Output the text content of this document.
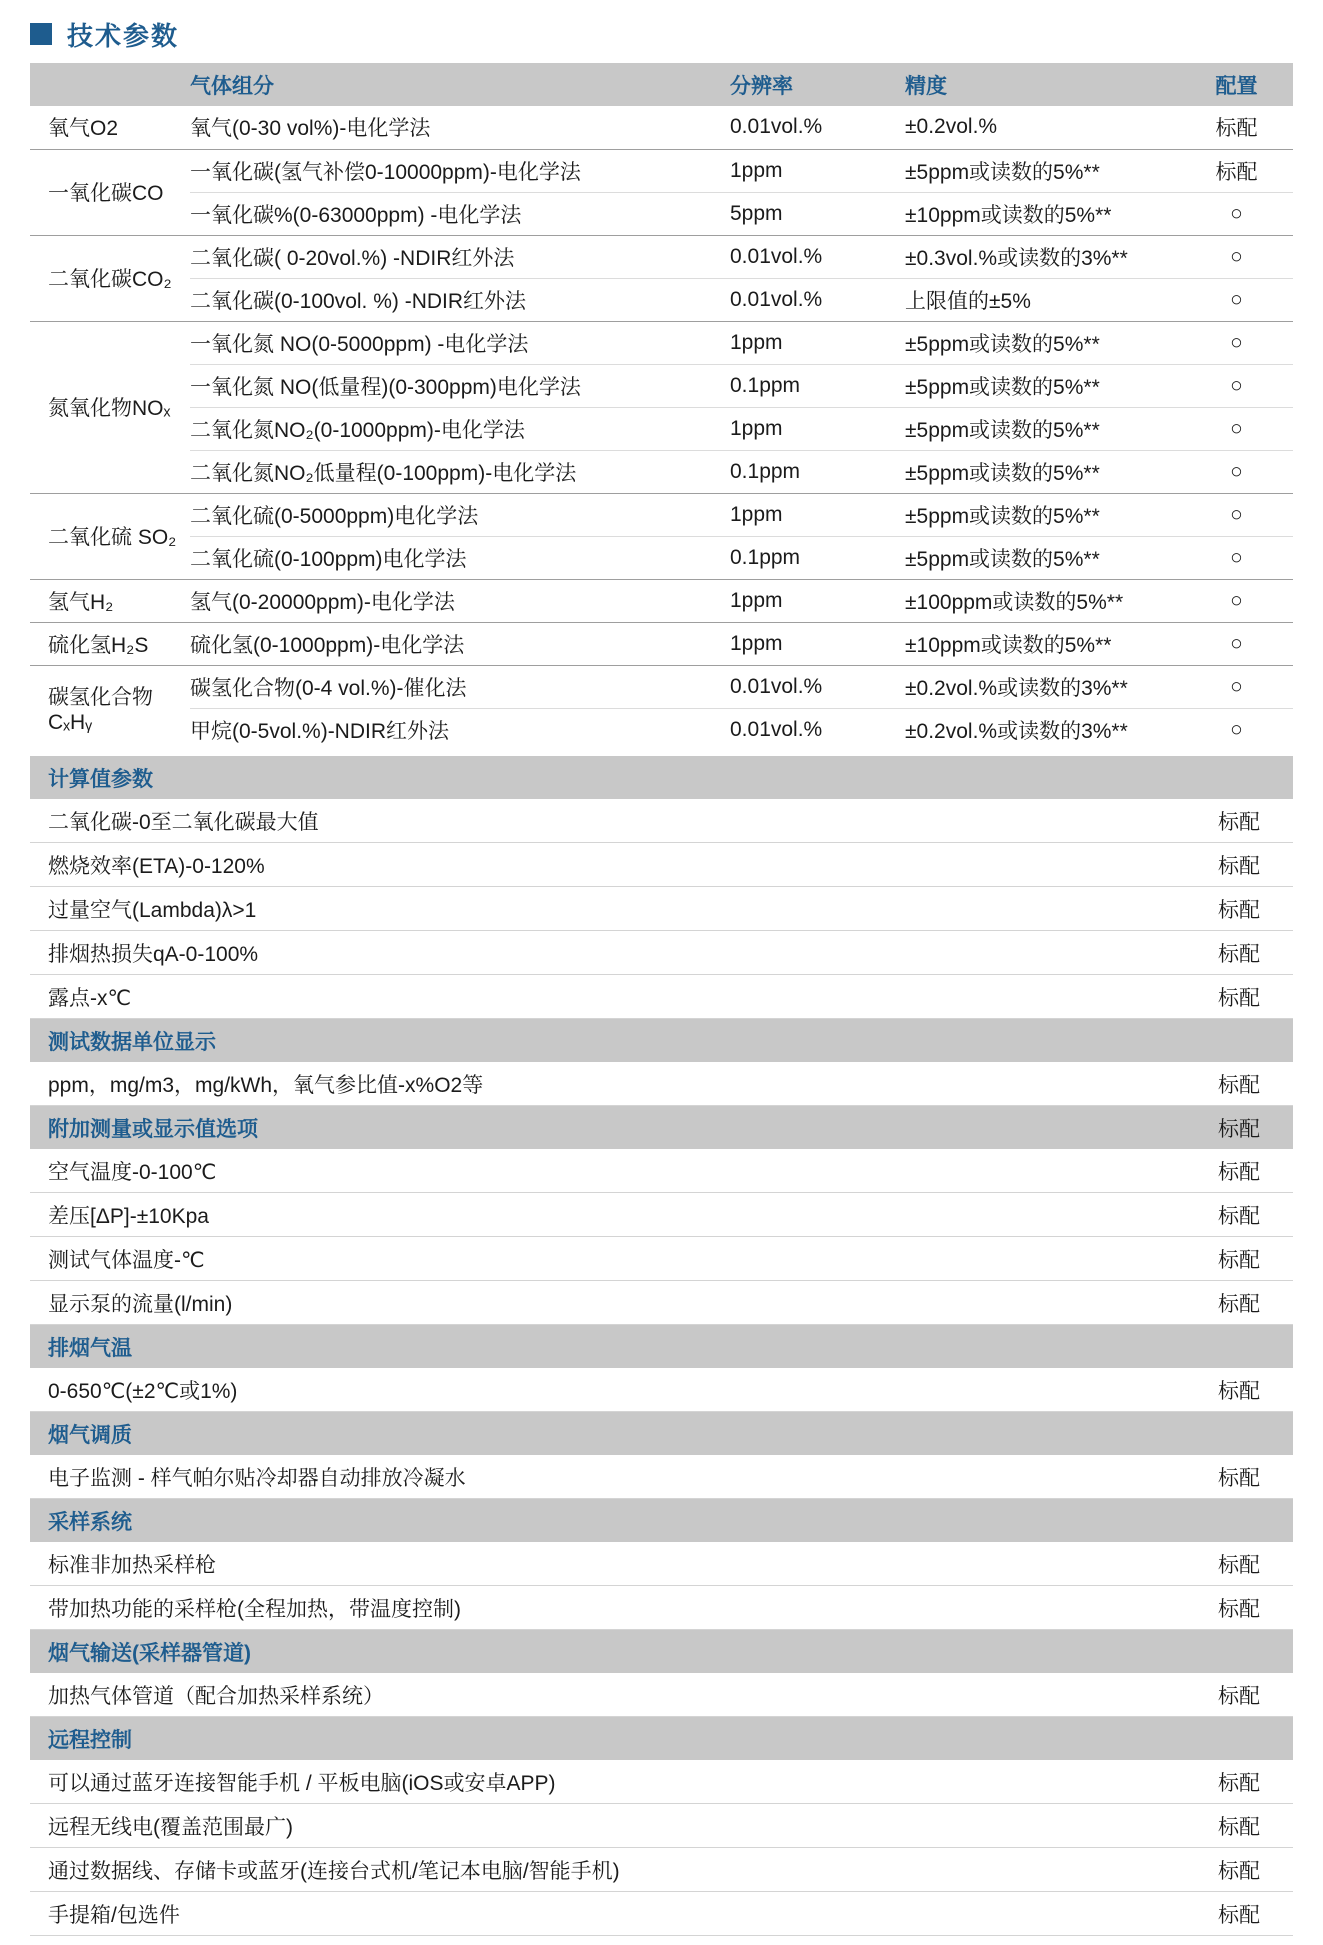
技术参数
	气体组分	分辨率	精度	配置
氧气O2	氧气(0-30 vol%)-电化学法	0.01vol.%	±0.2vol.%	标配
一氧化碳CO	一氧化碳(氢气补偿0-10000ppm)-电化学法	1ppm	±5ppm或读数的5%**	标配
	一氧化碳%(0-63000ppm) -电化学法	5ppm	±10ppm或读数的5%**	○
二氧化碳CO₂	二氧化碳( 0-20vol.%) -NDIR红外法	0.01vol.%	±0.3vol.%或读数的3%**	○
	二氧化碳(0-100vol. %) -NDIR红外法	0.01vol.%	上限值的±5%	○
氮氧化物NOₓ	一氧化氮 NO(0-5000ppm) -电化学法	1ppm	±5ppm或读数的5%**	○
	一氧化氮 NO(低量程)(0-300ppm)电化学法	0.1ppm	±5ppm或读数的5%**	○
	二氧化氮NO₂(0-1000ppm)-电化学法	1ppm	±5ppm或读数的5%**	○
	二氧化氮NO₂低量程(0-100ppm)-电化学法	0.1ppm	±5ppm或读数的5%**	○
二氧化硫 SO₂	二氧化硫(0-5000ppm)电化学法	1ppm	±5ppm或读数的5%**	○
	二氧化硫(0-100ppm)电化学法	0.1ppm	±5ppm或读数的5%**	○
氢气H₂	氢气(0-20000ppm)-电化学法	1ppm	±100ppm或读数的5%**	○
硫化氢H₂S	硫化氢(0-1000ppm)-电化学法	1ppm	±10ppm或读数的5%**	○
碳氢化合物CₓHᵧ	碳氢化合物(0-4 vol.%)-催化法	0.01vol.%	±0.2vol.%或读数的3%**	○
	甲烷(0-5vol.%)-NDIR红外法	0.01vol.%	±0.2vol.%或读数的3%**	○
计算值参数
二氧化碳-0至二氧化碳最大值	标配
燃烧效率(ETA)-0-120%	标配
过量空气(Lambda)λ>1	标配
排烟热损失qA-0-100%	标配
露点-x℃	标配
测试数据单位显示
ppm，mg/m3，mg/kWh，氧气参比值-x%O2等	标配
附加测量或显示值选项	标配
空气温度-0-100℃	标配
差压[ΔP]-±10Kpa	标配
测试气体温度-℃	标配
显示泵的流量(l/min)	标配
排烟气温
0-650℃(±2℃或1%)	标配
烟气调质
电子监测 - 样气帕尔贴冷却器自动排放冷凝水	标配
采样系统
标准非加热采样枪	标配
带加热功能的采样枪(全程加热，带温度控制)	标配
烟气输送(采样器管道)
加热气体管道（配合加热采样系统）	标配
远程控制
可以通过蓝牙连接智能手机 / 平板电脑(iOS或安卓APP)	标配
远程无线电(覆盖范围最广)	标配
通过数据线、存储卡或蓝牙(连接台式机/笔记本电脑/智能手机)	标配
手提箱/包选件	标配
